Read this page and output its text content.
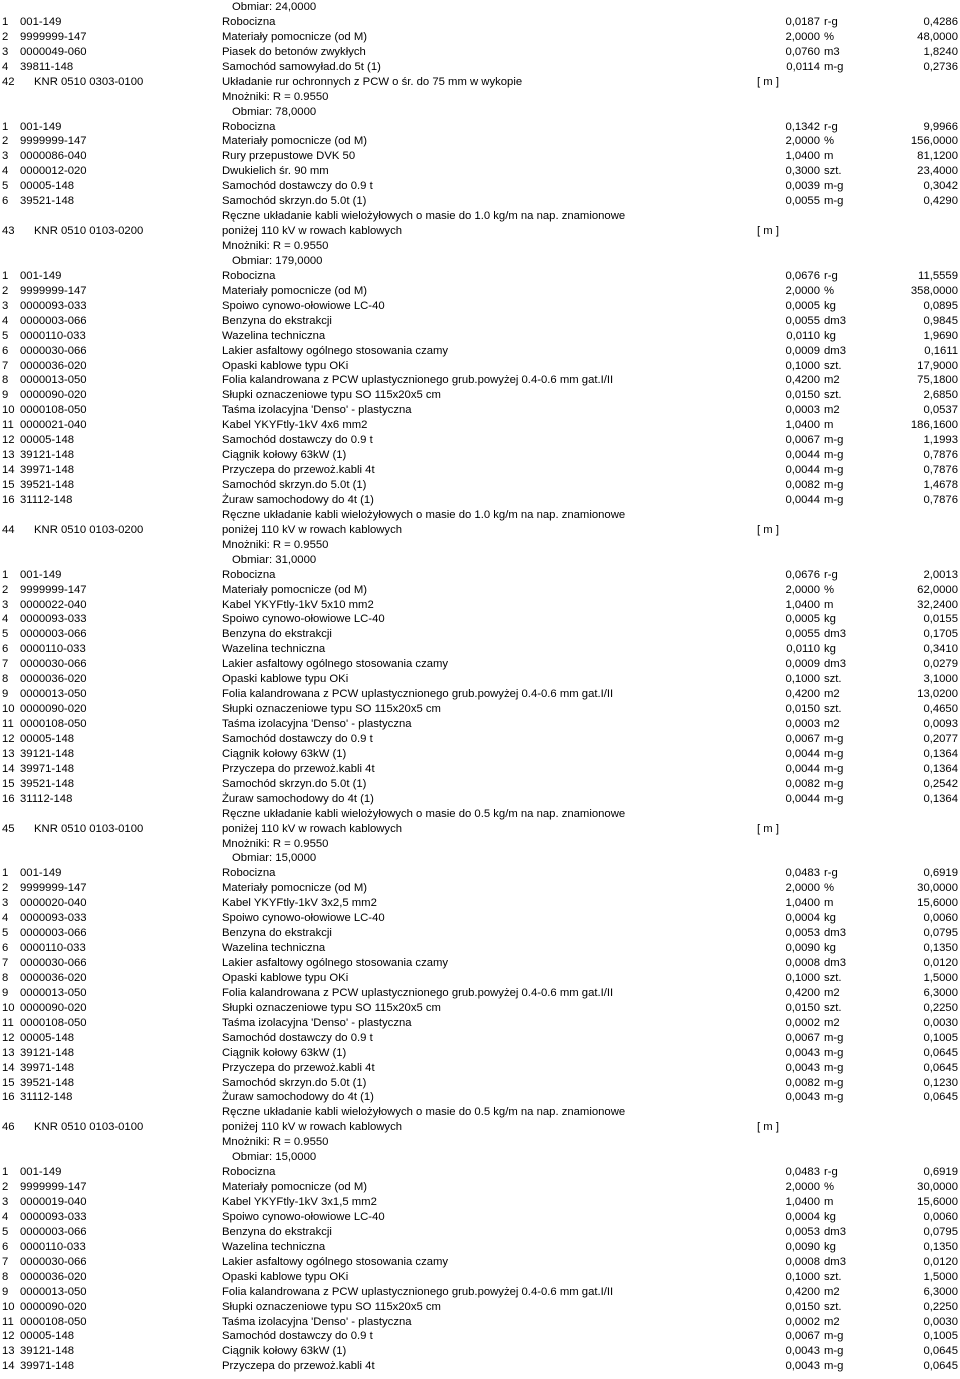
Obmiar: 24,0000
1 001-149	Robocizna	0,0187 r-g	0,4286
2 9999999-147	Materiały pomocnicze (od M)	2,0000 %	48,0000
3 0000049-060	Piasek do betonów zwykłych	0,0760 m3	1,8240
4 39811-148	Samochód samowyład.do 5t (1)	0,0114 m-g	0,2736
42 KNR 0510 0303-0100	Układanie rur ochronnych z PCW o śr. do 75 mm w wykopie	[ m ]
Mnożniki: R = 0.9550
Obmiar: 78,0000
1 001-149	Robocizna	0,1342 r-g	9,9966
2 9999999-147	Materiały pomocnicze (od M)	2,0000 %	156,0000
3 0000086-040	Rury przepustowe DVK 50	1,0400 m	81,1200
4 0000012-020	Dwukielich śr. 90 mm	0,3000 szt.	23,4000
5 00005-148	Samochód dostawczy do 0.9 t	0,0039 m-g	0,3042
6 39521-148	Samochód skrzyn.do 5.0t (1)	0,0055 m-g	0,4290
Ręczne układanie kabli wielożyłowych o masie do 1.0 kg/m na nap. znamionowe
43 KNR 0510 0103-0200	poniżej 110 kV w rowach kablowych	[ m ]
Mnożniki: R = 0.9550
Obmiar: 179,0000
1 001-149	Robocizna	0,0676 r-g	11,5559
2 9999999-147	Materiały pomocnicze (od M)	2,0000 %	358,0000
3 0000093-033	Spoiwo cynowo-ołowiowe LC-40	0,0005 kg	0,0895
4 0000003-066	Benzyna do ekstrakcji	0,0055 dm3	0,9845
5 0000110-033	Wazelina techniczna	0,0110 kg	1,9690
6 0000030-066	Lakier asfaltowy ogólnego stosowania czamy	0,0009 dm3	0,1611
7 0000036-020	Opaski kablowe typu OKi	0,1000 szt.	17,9000
8 0000013-050	Folia kalandrowana z PCW uplastycznionego grub.powyżej 0.4-0.6 mm gat.I/II	0,4200 m2	75,1800
9 0000090-020	Słupki oznaczeniowe typu SO 115x20x5 cm	0,0150 szt.	2,6850
10 0000108-050	Taśma izolacyjna 'Denso' - plastyczna	0,0003 m2	0,0537
11 0000021-040	Kabel YKYFtly-1kV 4x6 mm2	1,0400 m	186,1600
12 00005-148	Samochód dostawczy do 0.9 t	0,0067 m-g	1,1993
13 39121-148	Ciągnik kołowy 63kW (1)	0,0044 m-g	0,7876
14 39971-148	Przyczepa do przewoż.kabli 4t	0,0044 m-g	0,7876
15 39521-148	Samochód skrzyn.do 5.0t (1)	0,0082 m-g	1,4678
16 31112-148	Żuraw samochodowy do 4t (1)	0,0044 m-g	0,7876
Ręczne układanie kabli wielożyłowych o masie do 1.0 kg/m na nap. znamionowe
44 KNR 0510 0103-0200	poniżej 110 kV w rowach kablowych	[ m ]
Mnożniki: R = 0.9550
Obmiar: 31,0000
1 001-149	Robocizna	0,0676 r-g	2,0013
2 9999999-147	Materiały pomocnicze (od M)	2,0000 %	62,0000
3 0000022-040	Kabel YKYFtly-1kV 5x10 mm2	1,0400 m	32,2400
4 0000093-033	Spoiwo cynowo-ołowiowe LC-40	0,0005 kg	0,0155
5 0000003-066	Benzyna do ekstrakcji	0,0055 dm3	0,1705
6 0000110-033	Wazelina techniczna	0,0110 kg	0,3410
7 0000030-066	Lakier asfaltowy ogólnego stosowania czamy	0,0009 dm3	0,0279
8 0000036-020	Opaski kablowe typu OKi	0,1000 szt.	3,1000
9 0000013-050	Folia kalandrowana z PCW uplastycznionego grub.powyżej 0.4-0.6 mm gat.I/II	0,4200 m2	13,0200
10 0000090-020	Słupki oznaczeniowe typu SO 115x20x5 cm	0,0150 szt.	0,4650
11 0000108-050	Taśma izolacyjna 'Denso' - plastyczna	0,0003 m2	0,0093
12 00005-148	Samochód dostawczy do 0.9 t	0,0067 m-g	0,2077
13 39121-148	Ciągnik kołowy 63kW (1)	0,0044 m-g	0,1364
14 39971-148	Przyczepa do przewoż.kabli 4t	0,0044 m-g	0,1364
15 39521-148	Samochód skrzyn.do 5.0t (1)	0,0082 m-g	0,2542
16 31112-148	Żuraw samochodowy do 4t (1)	0,0044 m-g	0,1364
Ręczne układanie kabli wielożyłowych o masie do 0.5 kg/m na nap. znamionowe
45 KNR 0510 0103-0100	poniżej 110 kV w rowach kablowych	[ m ]
Mnożniki: R = 0.9550
Obmiar: 15,0000
1 001-149	Robocizna	0,0483 r-g	0,6919
2 9999999-147	Materiały pomocnicze (od M)	2,0000 %	30,0000
3 0000020-040	Kabel YKYFtly-1kV 3x2,5 mm2	1,0400 m	15,6000
4 0000093-033	Spoiwo cynowo-ołowiowe LC-40	0,0004 kg	0,0060
5 0000003-066	Benzyna do ekstrakcji	0,0053 dm3	0,0795
6 0000110-033	Wazelina techniczna	0,0090 kg	0,1350
7 0000030-066	Lakier asfaltowy ogólnego stosowania czamy	0,0008 dm3	0,0120
8 0000036-020	Opaski kablowe typu OKi	0,1000 szt.	1,5000
9 0000013-050	Folia kalandrowana z PCW uplastycznionego grub.powyżej 0.4-0.6 mm gat.I/II	0,4200 m2	6,3000
10 0000090-020	Słupki oznaczeniowe typu SO 115x20x5 cm	0,0150 szt.	0,2250
11 0000108-050	Taśma izolacyjna 'Denso' - plastyczna	0,0002 m2	0,0030
12 00005-148	Samochód dostawczy do 0.9 t	0,0067 m-g	0,1005
13 39121-148	Ciągnik kołowy 63kW (1)	0,0043 m-g	0,0645
14 39971-148	Przyczepa do przewoż.kabli 4t	0,0043 m-g	0,0645
15 39521-148	Samochód skrzyn.do 5.0t (1)	0,0082 m-g	0,1230
16 31112-148	Żuraw samochodowy do 4t (1)	0,0043 m-g	0,0645
Ręczne układanie kabli wielożyłowych o masie do 0.5 kg/m na nap. znamionowe
46 KNR 0510 0103-0100	poniżej 110 kV w rowach kablowych	[ m ]
Mnożniki: R = 0.9550
Obmiar: 15,0000
1 001-149	Robocizna	0,0483 r-g	0,6919
2 9999999-147	Materiały pomocnicze (od M)	2,0000 %	30,0000
3 0000019-040	Kabel YKYFtly-1kV 3x1,5 mm2	1,0400 m	15,6000
4 0000093-033	Spoiwo cynowo-ołowiowe LC-40	0,0004 kg	0,0060
5 0000003-066	Benzyna do ekstrakcji	0,0053 dm3	0,0795
6 0000110-033	Wazelina techniczna	0,0090 kg	0,1350
7 0000030-066	Lakier asfaltowy ogólnego stosowania czamy	0,0008 dm3	0,0120
8 0000036-020	Opaski kablowe typu OKi	0,1000 szt.	1,5000
9 0000013-050	Folia kalandrowana z PCW uplastycznionego grub.powyżej 0.4-0.6 mm gat.I/II	0,4200 m2	6,3000
10 0000090-020	Słupki oznaczeniowe typu SO 115x20x5 cm	0,0150 szt.	0,2250
11 0000108-050	Taśma izolacyjna 'Denso' - plastyczna	0,0002 m2	0,0030
12 00005-148	Samochód dostawczy do 0.9 t	0,0067 m-g	0,1005
13 39121-148	Ciągnik kołowy 63kW (1)	0,0043 m-g	0,0645
14 39971-148	Przyczepa do przewoż.kabli 4t	0,0043 m-g	0,0645
